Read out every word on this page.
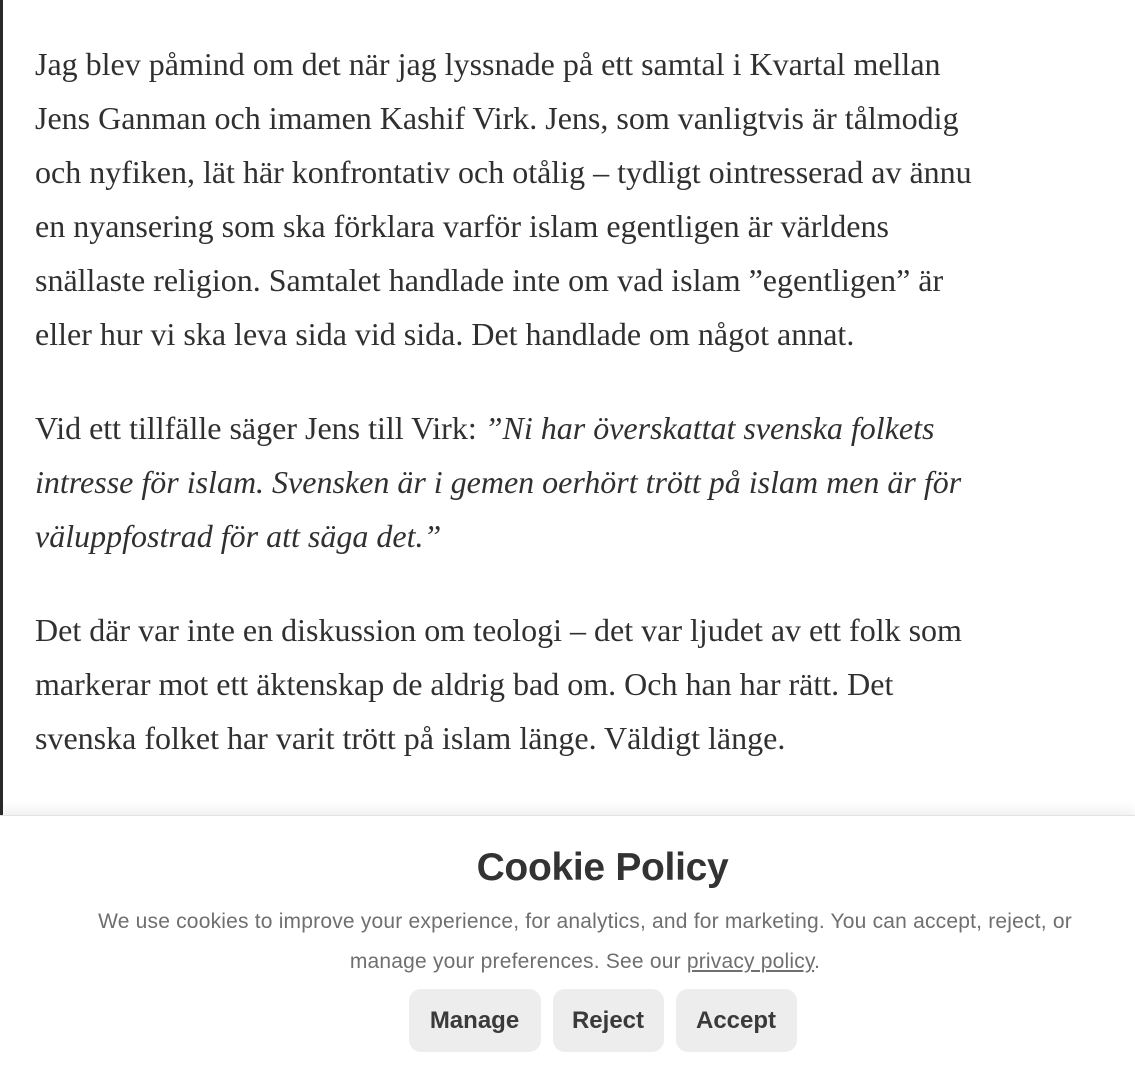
Jag blev påmind om det när jag lyssnade på ett samtal i Kvartal mellan
Jens Ganman och imamen Kashif Virk. Jens, som vanligtvis är tålmodig
och nyfiken, lät här konfrontativ och otålig – tydligt ointresserad av ännu
en nyansering som ska förklara varför islam egentligen är världens
snällaste religion. Samtalet handlade inte om vad islam ”egentligen” är
eller hur vi ska leva sida vid sida. Det handlade om något annat.

Vid ett tillfälle säger Jens till Virk: ”Ni har överskattat svenska folkets
intresse för islam. Svensken är i gemen oerhört trött på islam men är för
väluppfostrad för att säga det.”

Det där var inte en diskussion om teologi – det var ljudet av ett folk som
markerar mot ett äktenskap de aldrig bad om. Och han har rätt. Det
svenska folket har varit trött på islam länge. Väldigt länge.

Cookie Policy
We use cookies to improve your experience, for analytics, and for marketing. You can accept, reject, or
manage your preferences. See our privacy policy.
Manage	Reject	Accept
